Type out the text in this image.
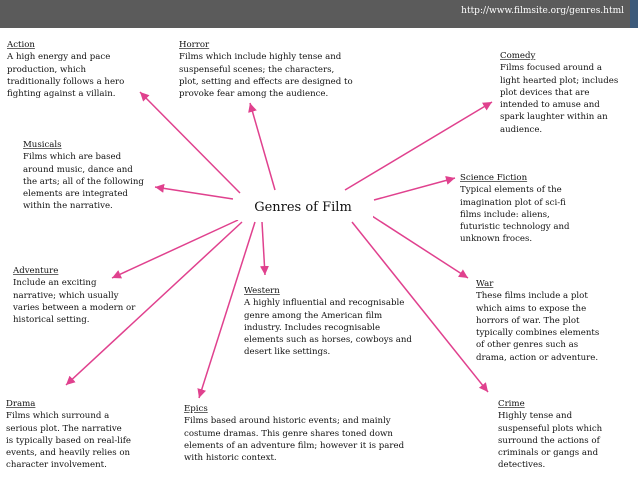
http://www.filmsite.org/genres.html
Genres of Film
Action
A high energy and pace
production, which
traditionally follows a hero
fighting against a villain.
Horror
Films which include highly tense and
suspenseful scenes; the characters,
plot, setting and effects are designed to
provoke fear among the audience.
Comedy
Films focused around a
light hearted plot; includes
plot devices that are
intended to amuse and
spark laughter within an
audience.
Musicals
Films which are based
around music, dance and
the arts; all of the following
elements are integrated
within the narrative.
Science Fiction
Typical elements of the
imagination plot of sci-fi
films include: aliens,
futuristic technology and
unknown froces.
Adventure
Include an exciting
narrative; which usually
varies between a modern or
historical setting.
Western
A highly influential and recognisable
genre among the American film
industry. Includes recognisable
elements such as horses, cowboys and
desert like settings.
War
These films include a plot
which aims to expose the
horrors of war. The plot
typically combines elements
of other genres such as
drama, action or adventure.
Drama
Films which surround a
serious plot. The narrative
is typically based on real-life
events, and heavily relies on
character involvement.
Epics
Films based around historic events; and mainly
costume dramas. This genre shares toned down
elements of an adventure film; however it is pared
with historic context.
Crime
Highly tense and
suspenseful plots which
surround the actions of
criminals or gangs and
detectives.
